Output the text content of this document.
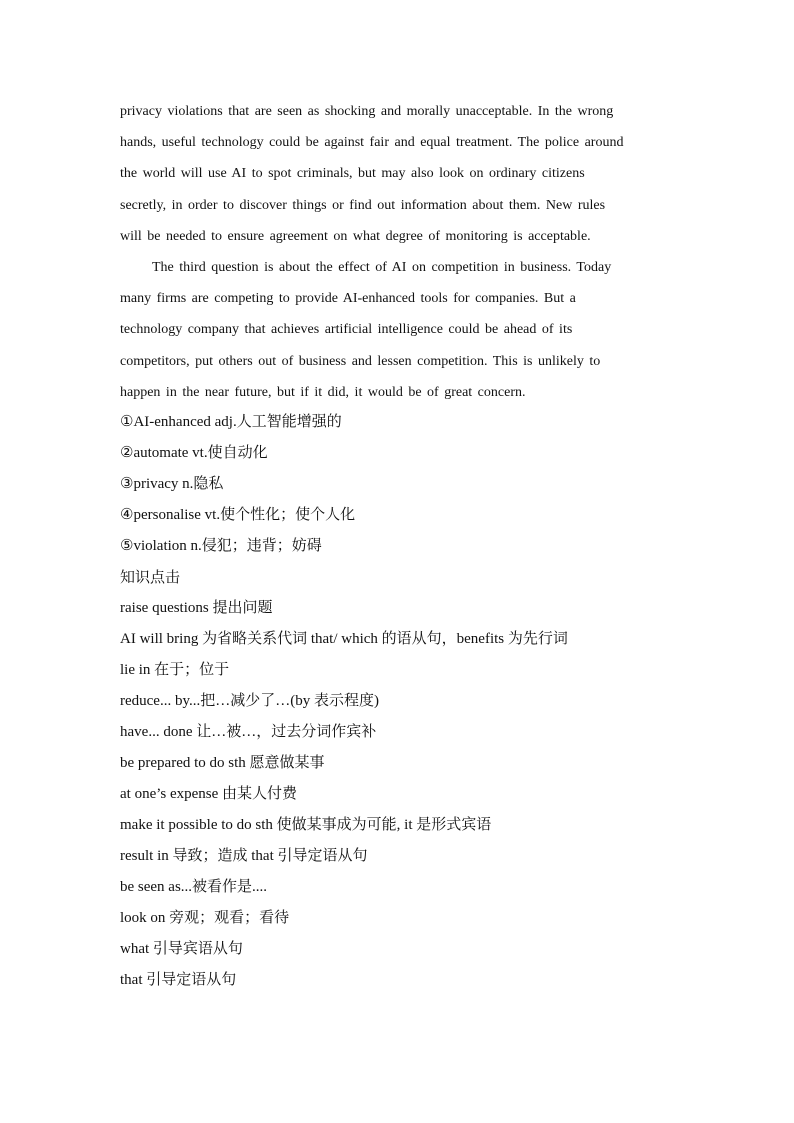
privacy violations that are seen as shocking and morally unacceptable. In the wrong
hands, useful technology could be against fair and equal treatment. The police around
the world will use AI to spot criminals, but may also look on ordinary citizens
secretly, in order to discover things or find out information about them. New rules
will be needed to ensure agreement on what degree of monitoring is acceptable.
The third question is about the effect of AI on competition in business. Today
many firms are competing to provide AI-enhanced tools for companies. But a
technology company that achieves artificial intelligence could be ahead of its
competitors, put others out of business and lessen competition. This is unlikely to
happen in the near future, but if it did, it would be of great concern.
①AI-enhanced adj.人工智能增强的
②automate vt.使自动化
③privacy n.隐私
④personalise vt.使个性化；使个人化
⑤violation n.侵犯；违背；妨碍
知识点击
raise questions 提出问题
AI will bring 为省略关系代词 that/ which 的语从句，benefits 为先行词
lie in 在于；位于
reduce... by...把…减少了…(by 表示程度)
have... done 让…被…，过去分词作宾补
be prepared to do sth 愿意做某事
at one’s expense 由某人付费
make it possible to do sth 使做某事成为可能, it 是形式宾语
result in 导致；造成 that 引导定语从句
be seen as...被看作是....
look on 旁观；观看；看待
what 引导宾语从句
that 引导定语从句
